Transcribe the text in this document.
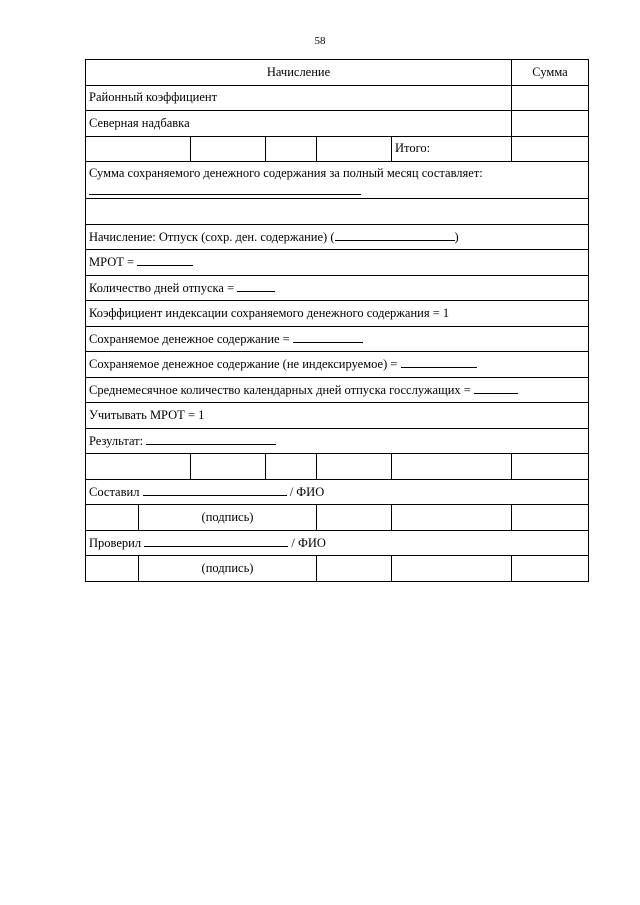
58
Начисление						Сумма
Районный коэффициент						
Северная надбавка						
					Итого:	
Сумма сохраняемого денежного содержания за полный месяц составляет:						

Начисление: Отпуск (сохр. ден. содержание) ( )						
МРОТ =						
Количество дней отпуска =						
Коэффициент индексации сохраняемого денежного содержания = 1						
Сохраняемое денежное содержание =						
Сохраняемое денежное содержание (не индексируемое) =						
Среднемесячное количество календарных дней отпуска госслужащих =						
Учитывать МРОТ = 1						
Результат:						

Составил / ФИО						
	(подпись)					
Проверил / ФИО						
	(подпись)					
